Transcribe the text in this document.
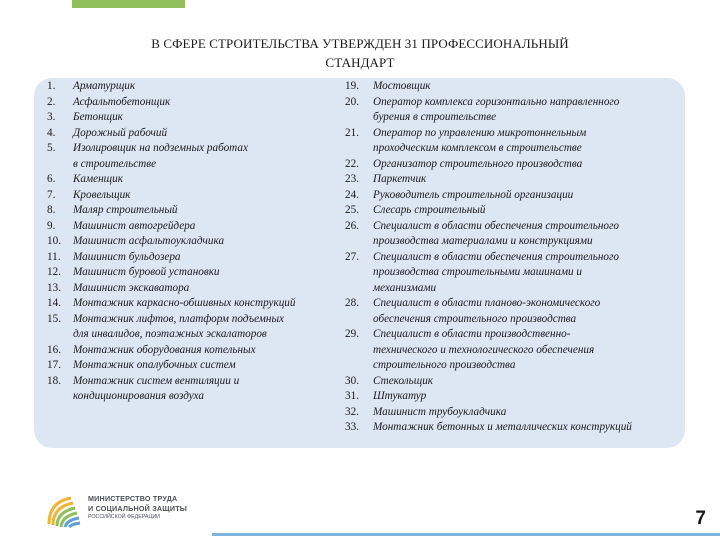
В СФЕРЕ СТРОИТЕЛЬСТВА УТВЕРЖДЕН 31 ПРОФЕССИОНАЛЬНЫЙ
СТАНДАРТ
1.	Арматурщик
2.	Асфальтобетонщик
3.	Бетонщик
4.	Дорожный рабочий
5.	Изолировщик на подземных работах
в строительстве
6.	Каменщик
7.	Кровельщик
8.	Маляр строительный
9.	Машинист автогрейдера
10.	Машинист асфальтоукладчика
11.	Машинист бульдозера
12.	Машинист буровой установки
13.	Машинист экскаватора
14.	Монтажник каркасно-обшивных конструкций
15.	Монтажник лифтов, платформ подъемных
для инвалидов, поэтажных эскалаторов
16.	Монтажник оборудования котельных
17.	Монтажник опалубочных систем
18.	Монтажник систем вентиляции и
кондиционирования воздуха
19.	Мостовщик
20.	Оператор комплекса горизонтально направленного
бурения в строительстве
21.	Оператор по управлению микротоннельным
проходческим комплексом в строительстве
22.	Организатор строительного производства
23.	Паркетчик
24.	Руководитель строительной организации
25.	Слесарь строительный
26.	Специалист в области обеспечения строительного
производства материалами и конструкциями
27.	Специалист в области обеспечения строительного
производства строительными машинами и
механизмами
28.	Специалист в области планово-экономического
обеспечения строительного производства
29.	Специалист в области производственно-
технического и технологического обеспечения
строительного производства
30.	Стекольщик
31.	Штукатур
32.	Машинист трубоукладчика
33.	Монтажник бетонных и металлических конструкций
МИНИСТЕРСТВО ТРУДА
И СОЦИАЛЬНОЙ ЗАЩИТЫ
РОССИЙСКОЙ ФЕДЕРАЦИИ	7
